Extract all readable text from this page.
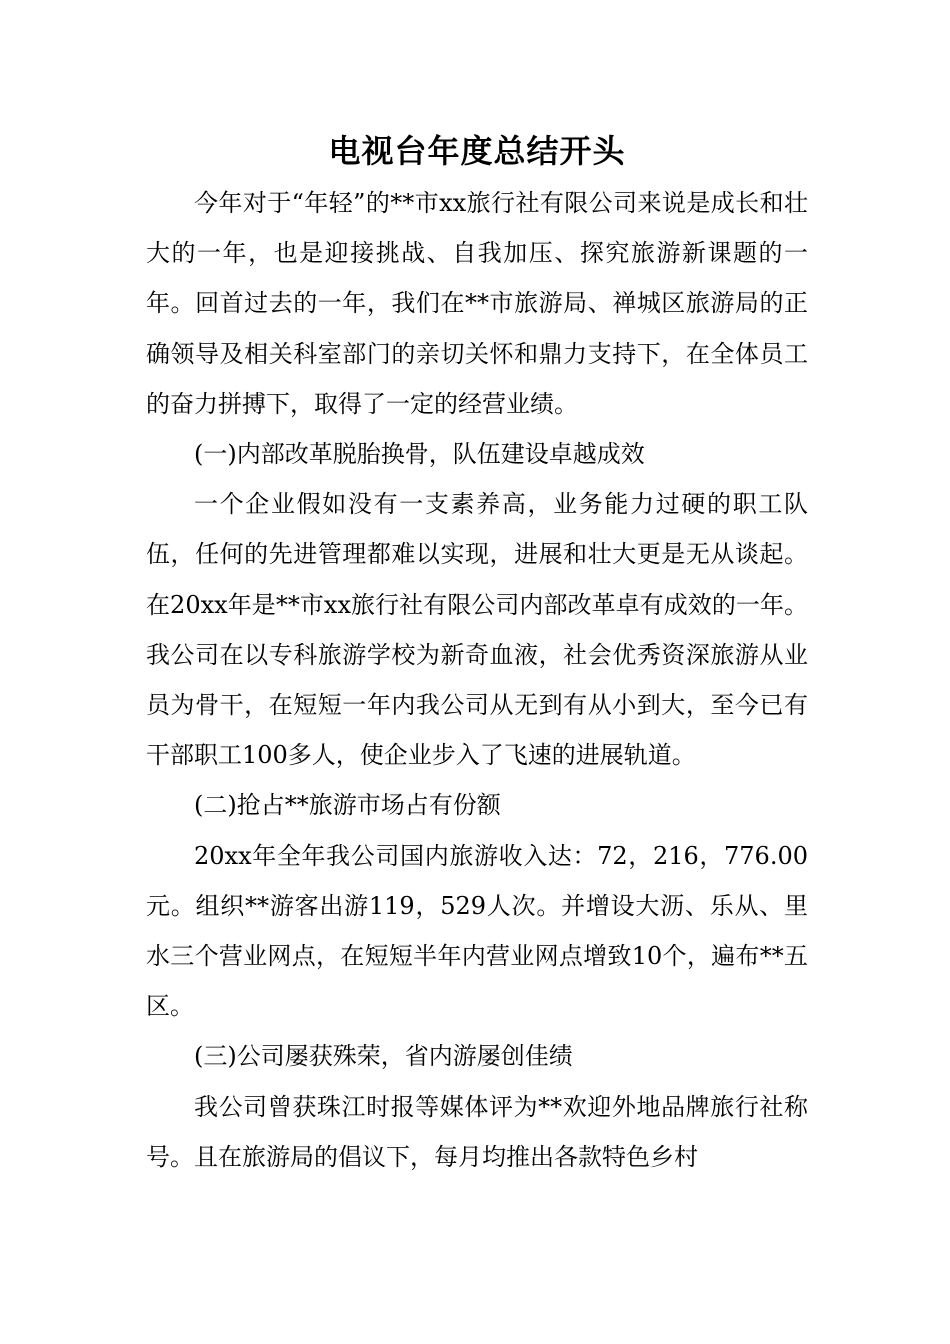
电视台年度总结开头

今年对于“年轻”的**市xx旅行社有限公司来说是成长和壮大的一年，也是迎接挑战、自我加压、探究旅游新课题的一年。回首过去的一年，我们在**市旅游局、禅城区旅游局的正确领导及相关科室部门的亲切关怀和鼎力支持下，在全体员工的奋力拼搏下，取得了一定的经营业绩。

(一)内部改革脱胎换骨，队伍建设卓越成效

一个企业假如没有一支素养高，业务能力过硬的职工队伍，任何的先进管理都难以实现，进展和壮大更是无从谈起。在20xx年是**市xx旅行社有限公司内部改革卓有成效的一年。我公司在以专科旅游学校为新奇血液，社会优秀资深旅游从业员为骨干，在短短一年内我公司从无到有从小到大，至今已有干部职工100多人，使企业步入了飞速的进展轨道。

(二)抢占**旅游市场占有份额

20xx年全年我公司国内旅游收入达：72，216，776.00元。组织**游客出游119，529人次。并增设大沥、乐从、里水三个营业网点，在短短半年内营业网点增致10个，遍布**五区。

(三)公司屡获殊荣，省内游屡创佳绩

我公司曾获珠江时报等媒体评为**欢迎外地品牌旅行社称号。且在旅游局的倡议下，每月均推出各款特色乡村
